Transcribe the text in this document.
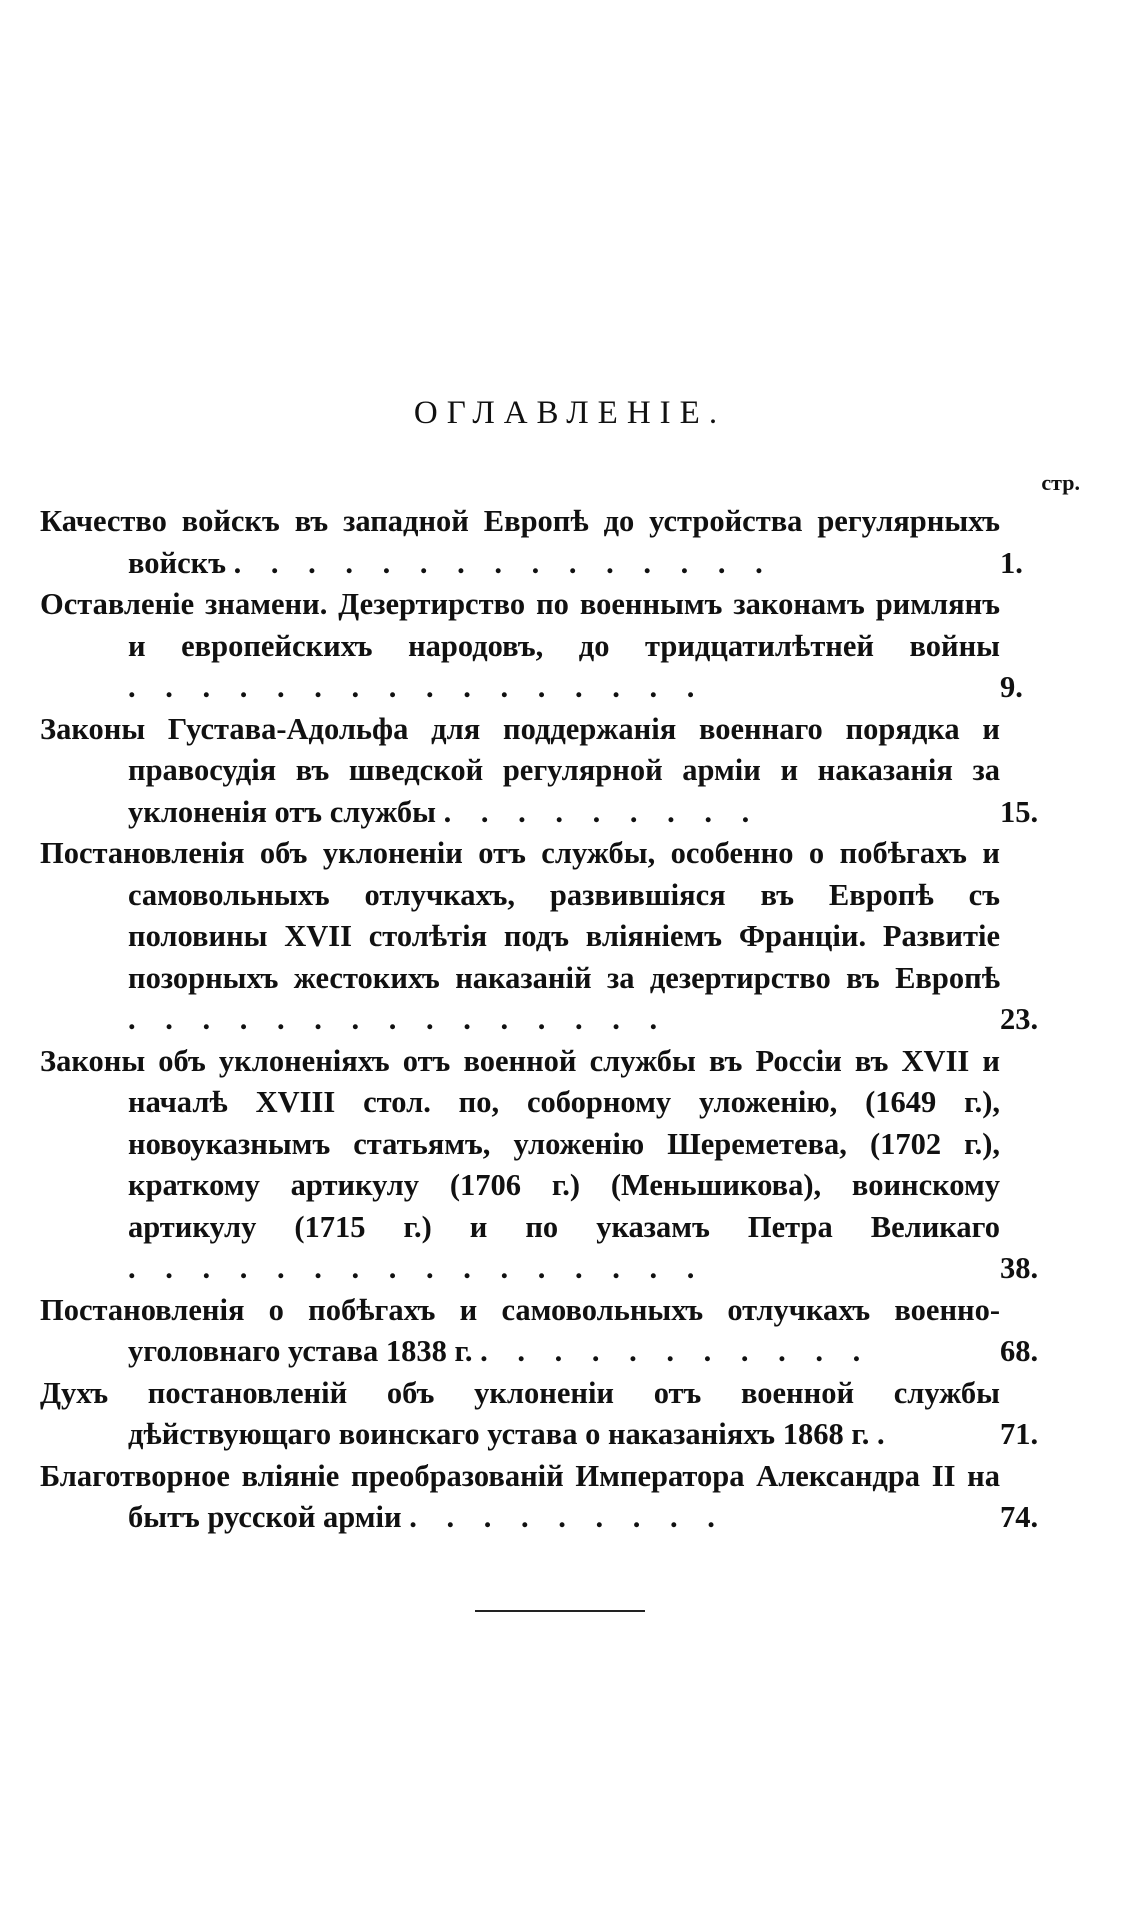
ОГЛАВЛЕНІЕ.
стр.
Качество войскъ въ западной Европѣ до устройства регулярныхъ войскъ . . . . . . . . . . . . . . .	1.
Оставленіе знамени. Дезертирство по военнымъ законамъ римлянъ и европейскихъ народовъ, до тридцатилѣтней войны . . . . . . . . . . . . . . . .	9.
Законы Густава-Адольфа для поддержанія военнаго порядка и правосудія въ шведской регулярной арміи и наказанія за уклоненія отъ службы . . . . . . . . .	15.
Постановленія объ уклоненіи отъ службы, особенно о побѣгахъ и самовольныхъ отлучкахъ, развившіяся въ Европѣ съ половины XVII столѣтія подъ вліяніемъ Франціи. Развитіе позорныхъ жестокихъ наказаній за дезертирство въ Европѣ . . . . . . . . . . . . . . .	23.
Законы объ уклоненіяхъ отъ военной службы въ Россіи въ XVII и началѣ XVIII стол. по, соборному уложенію, (1649 г.), новоуказнымъ статьямъ, уложенію Шереметева, (1702 г.), краткому артикулу (1706 г.) (Меньшикова), воинскому артикулу (1715 г.) и по указамъ Петра Великаго . . . . . . . . . . . . . . . .	38.
Постановленія о побѣгахъ и самовольныхъ отлучкахъ военно-уголовнаго устава 1838 г. . . . . . . . . . . .	68.
Духъ постановленій объ уклоненіи отъ военной службы дѣйствующаго воинскаго устава о наказаніяхъ 1868 г. .	71.
Благотворное вліяніе преобразованій Императора Александра II на бытъ русской арміи . . . . . . . . .	74.
